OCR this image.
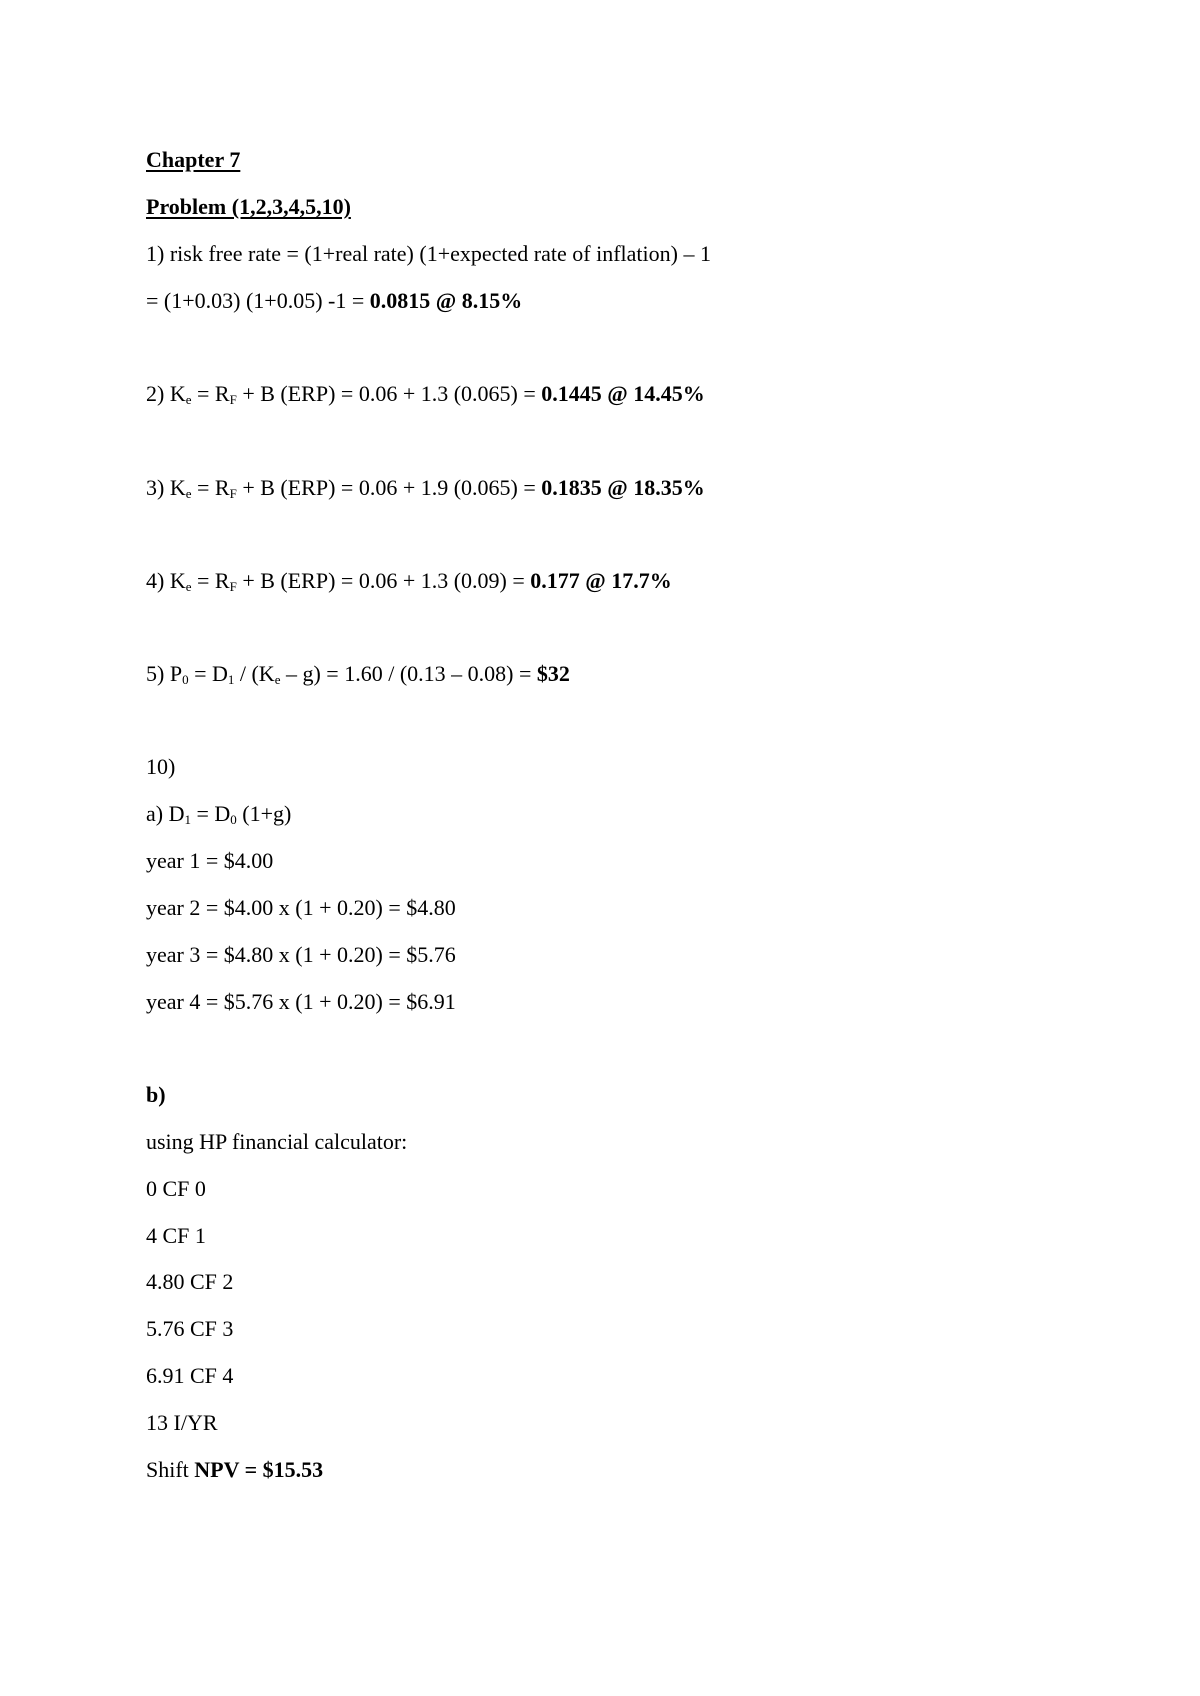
Chapter 7
Problem (1,2,3,4,5,10)
1) risk free rate = (1+real rate) (1+expected rate of inflation) – 1
= (1+0.03) (1+0.05) -1 = 0.0815 @ 8.15%
2) $K_e = R_F + B$ (ERP) = 0.06 + 1.3 (0.065) = 0.1445 @ 14.45%
3) $K_e = R_F + B$ (ERP) = 0.06 + 1.9 (0.065) = 0.1835 @ 18.35%
4) $K_e = R_F + B$ (ERP) = 0.06 + 1.3 (0.09) = 0.177 @ 17.7%
5) $P_0 = D_1 / (K_e - g) = 1.60 / (0.13 - 0.08)$ = $32
10)
a) $D_1 = D_0$ (1+g)
year 1 = $4.00
year 2 = $4.00 x (1 + 0.20) = $4.80
year 3 = $4.80 x (1 + 0.20) = $5.76
year 4 = $5.76 x (1 + 0.20) = $6.91
b)
using HP financial calculator:
0 CF 0
4 CF 1
4.80 CF 2
5.76 CF 3
6.91 CF 4
13 I/YR
Shift NPV = $15.53
